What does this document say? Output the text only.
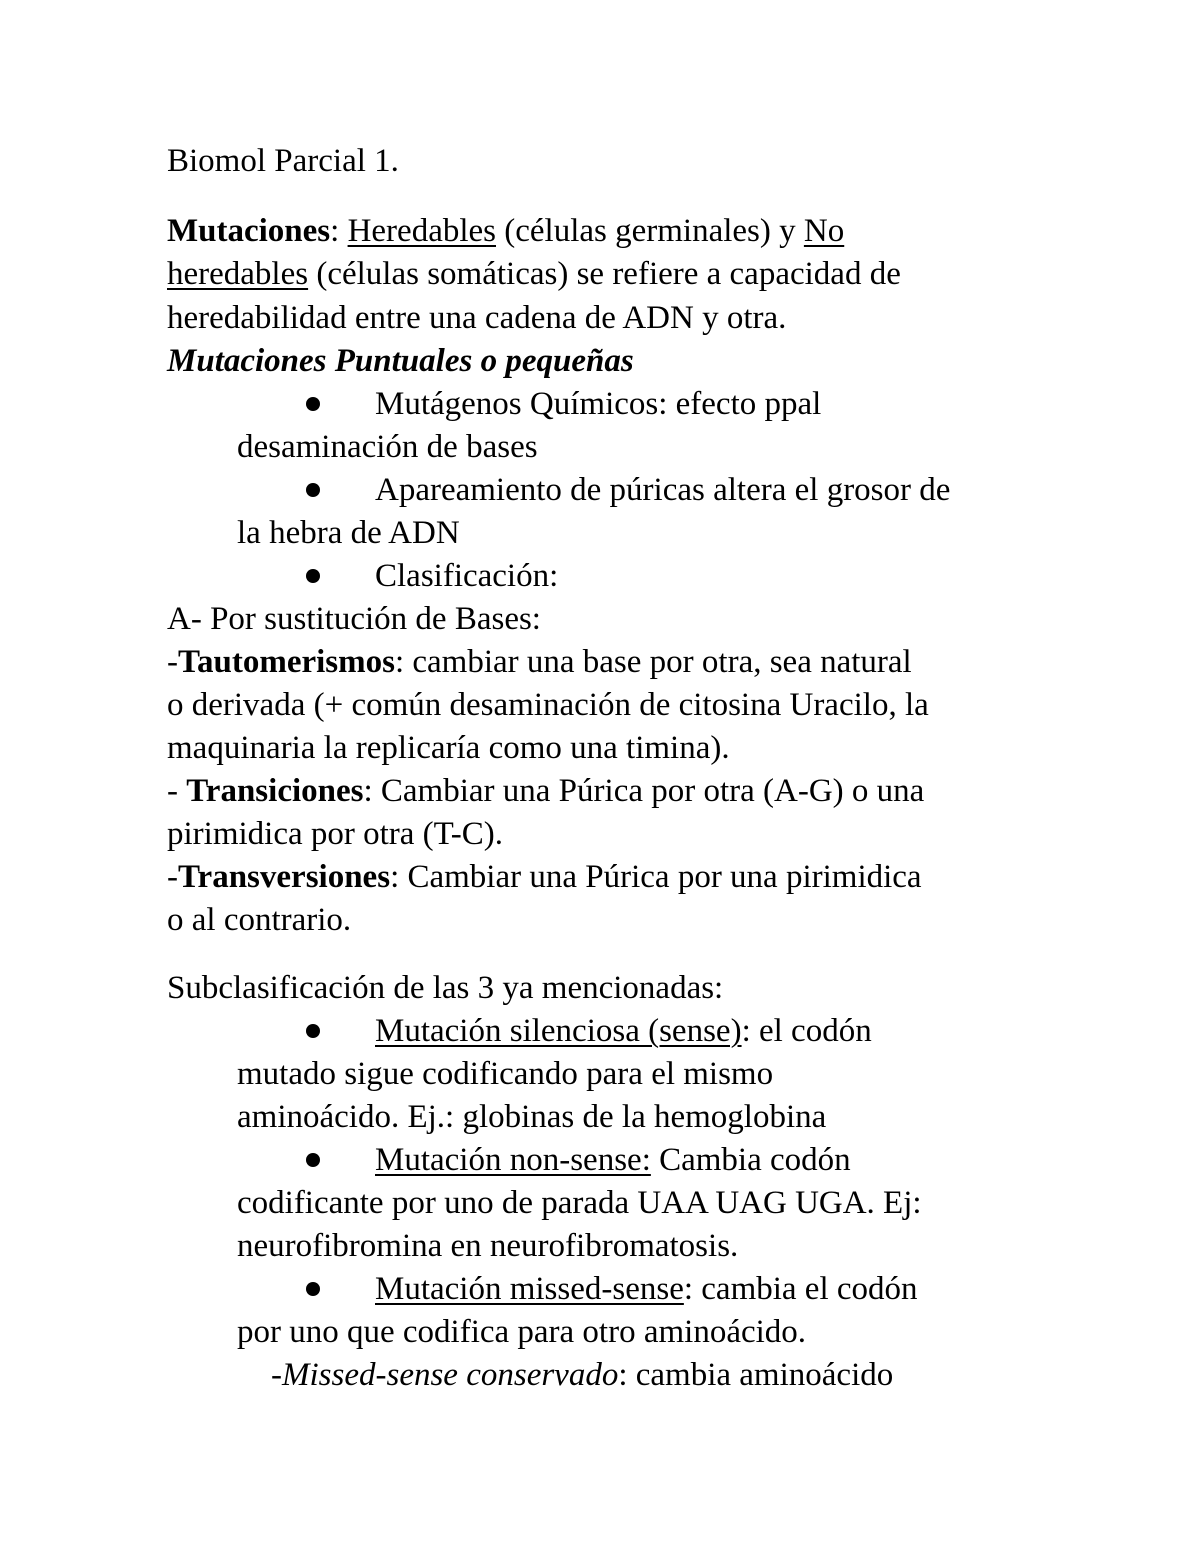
Biomol Parcial 1.
Mutaciones: Heredables (células germinales) y No
heredables (células somáticas) se refiere a capacidad de
heredabilidad entre una cadena de ADN y otra.
Mutaciones Puntuales o pequeñas
Mutágenos Químicos: efecto ppal
desaminación de bases
Apareamiento de púricas altera el grosor de
la hebra de ADN
Clasificación:
A- Por sustitución de Bases:
-Tautomerismos: cambiar una base por otra, sea natural
o derivada (+ común desaminación de citosina Uracilo, la
maquinaria la replicaría como una timina).
- Transiciones: Cambiar una Púrica por otra (A-G) o una
pirimidica por otra (T-C).
-Transversiones: Cambiar una Púrica por una pirimidica
o al contrario.
Subclasificación de las 3 ya mencionadas:
Mutación silenciosa (sense): el codón
mutado sigue codificando para el mismo
aminoácido. Ej.: globinas de la hemoglobina
Mutación non-sense: Cambia codón
codificante por uno de parada UAA UAG UGA. Ej:
neurofibromina en neurofibromatosis.
Mutación missed-sense: cambia el codón
por uno que codifica para otro aminoácido.
-Missed-sense conservado: cambia aminoácido
